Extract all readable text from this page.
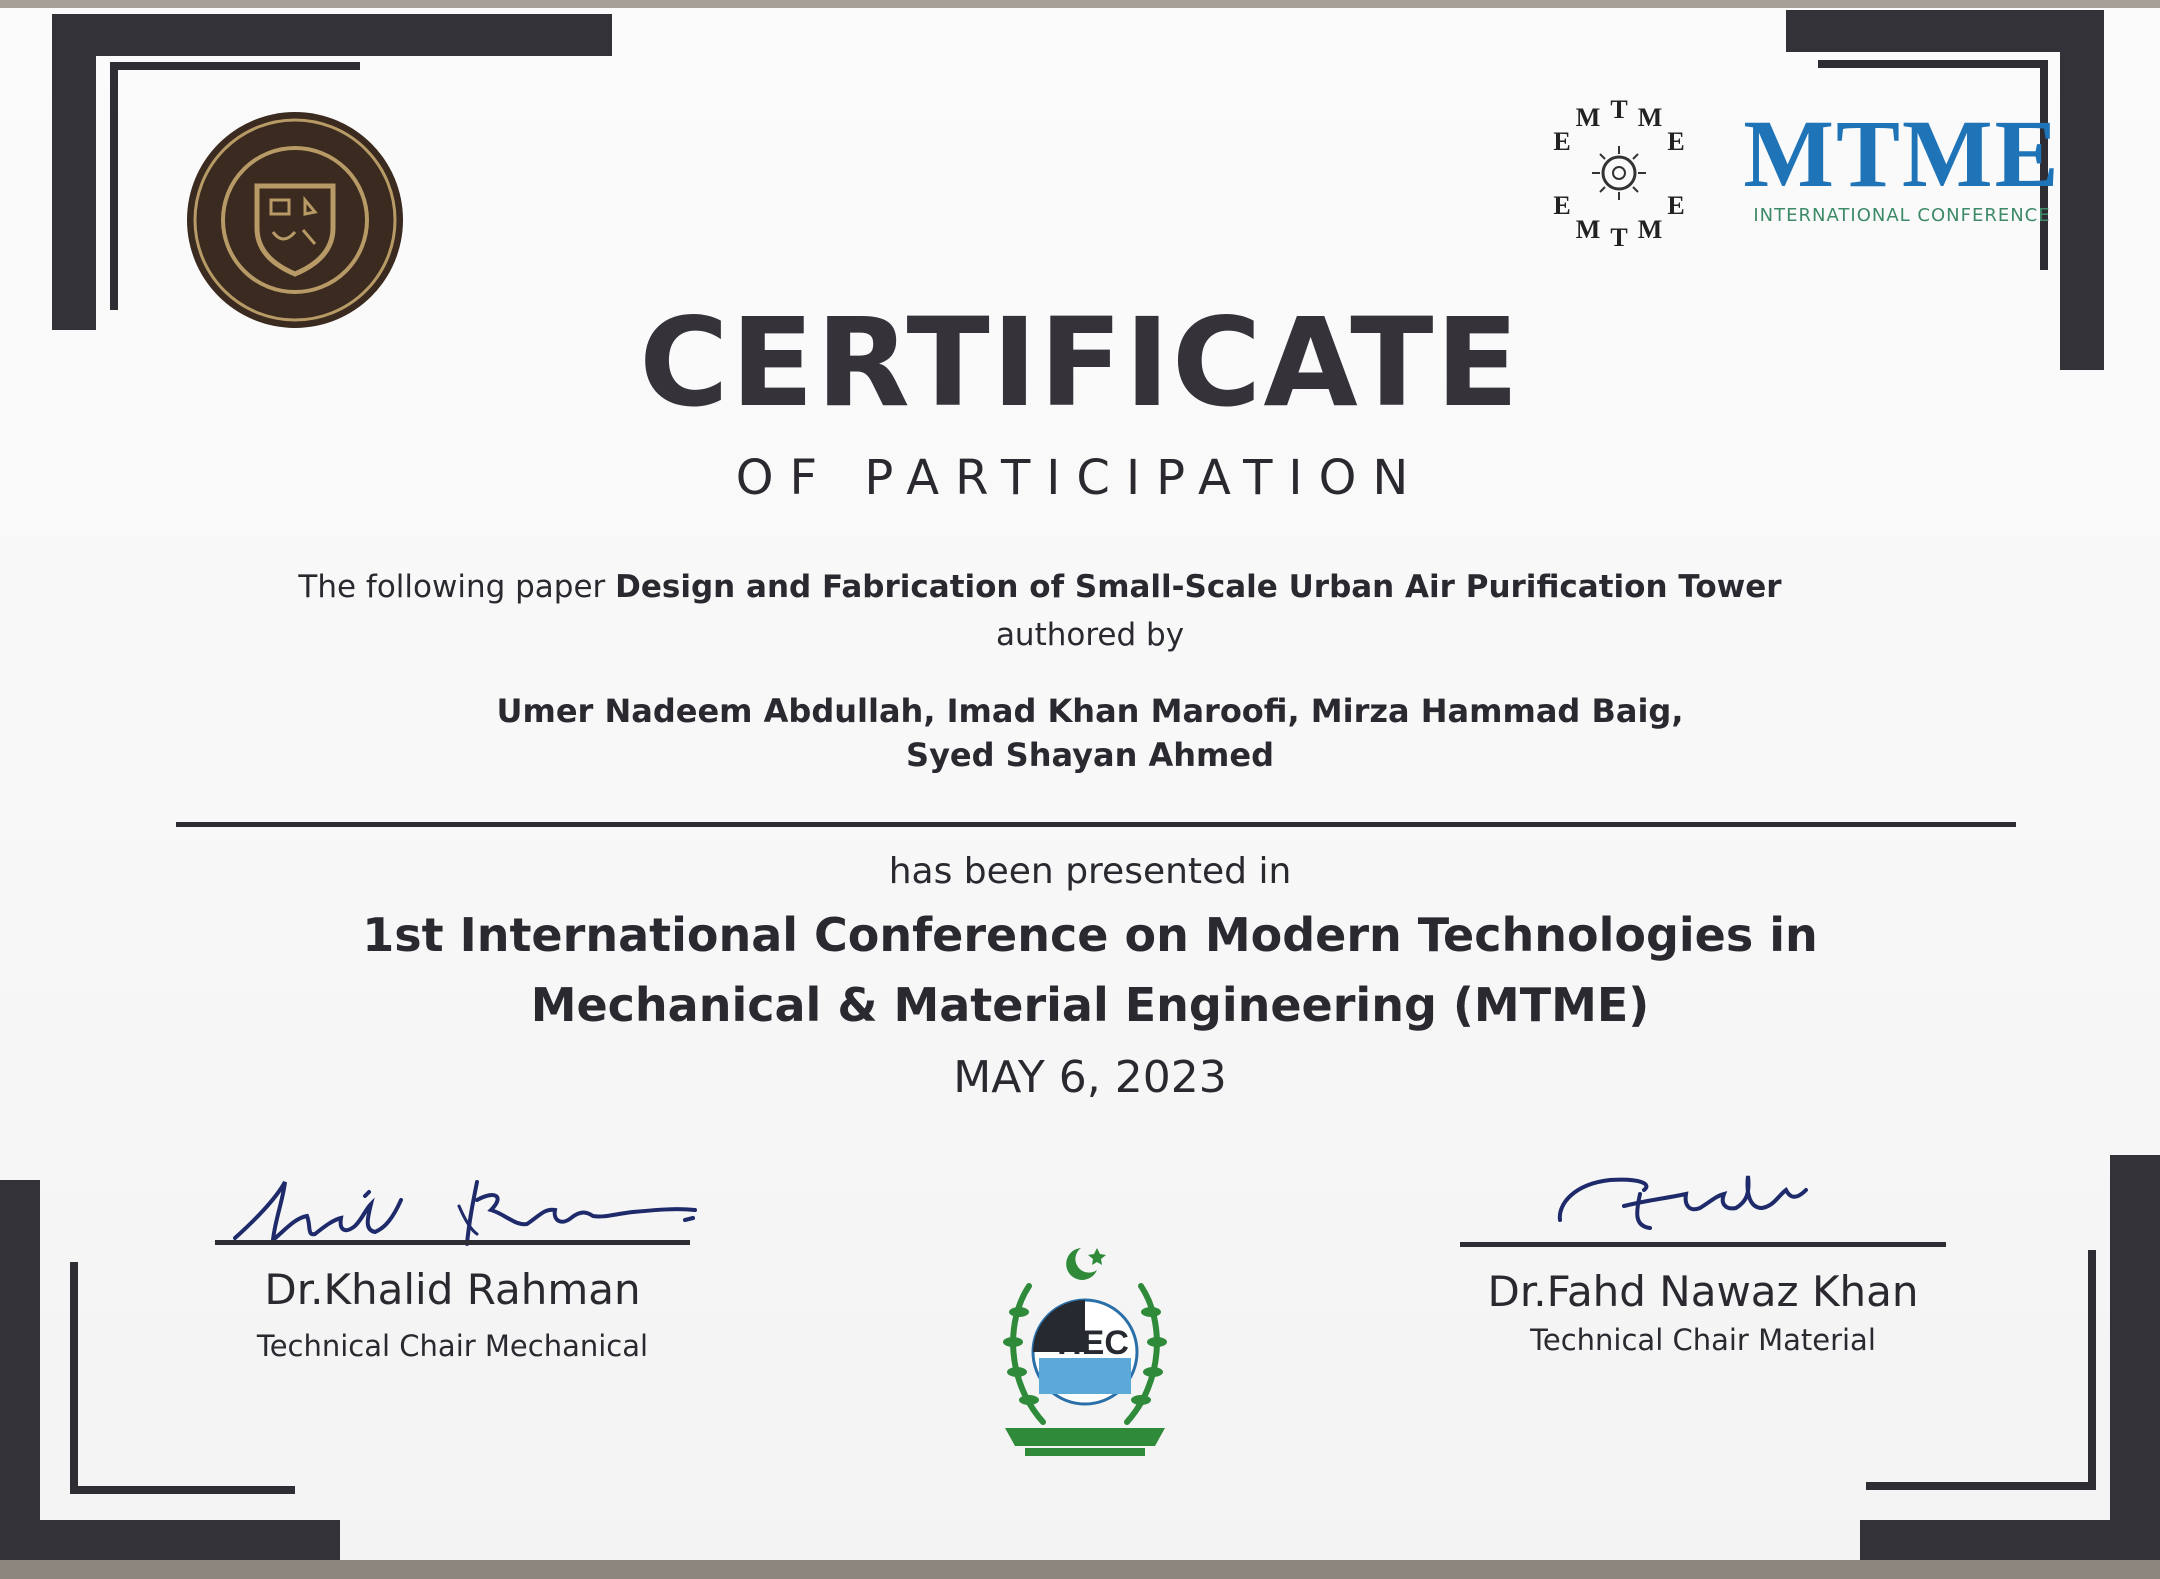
T M
E
M
E
T M
E
M
E MTME
INTERNATIONAL CONFERENCE
CERTIFICATE
OF PARTICIPATION
The following paper Design and Fabrication of Small-Scale Urban Air Purification Tower
authored by
Umer Nadeem Abdullah, Imad Khan Maroofi, Mirza Hammad Baig,
Syed Shayan Ahmed
has been presented in
1st International Conference on Modern Technologies in
Mechanical & Material Engineering (MTME)
MAY 6, 2023
Dr.Khalid Rahman
Technical Chair Mechanical
Dr.Fahd Nawaz Khan
Technical Chair Material
HEC
